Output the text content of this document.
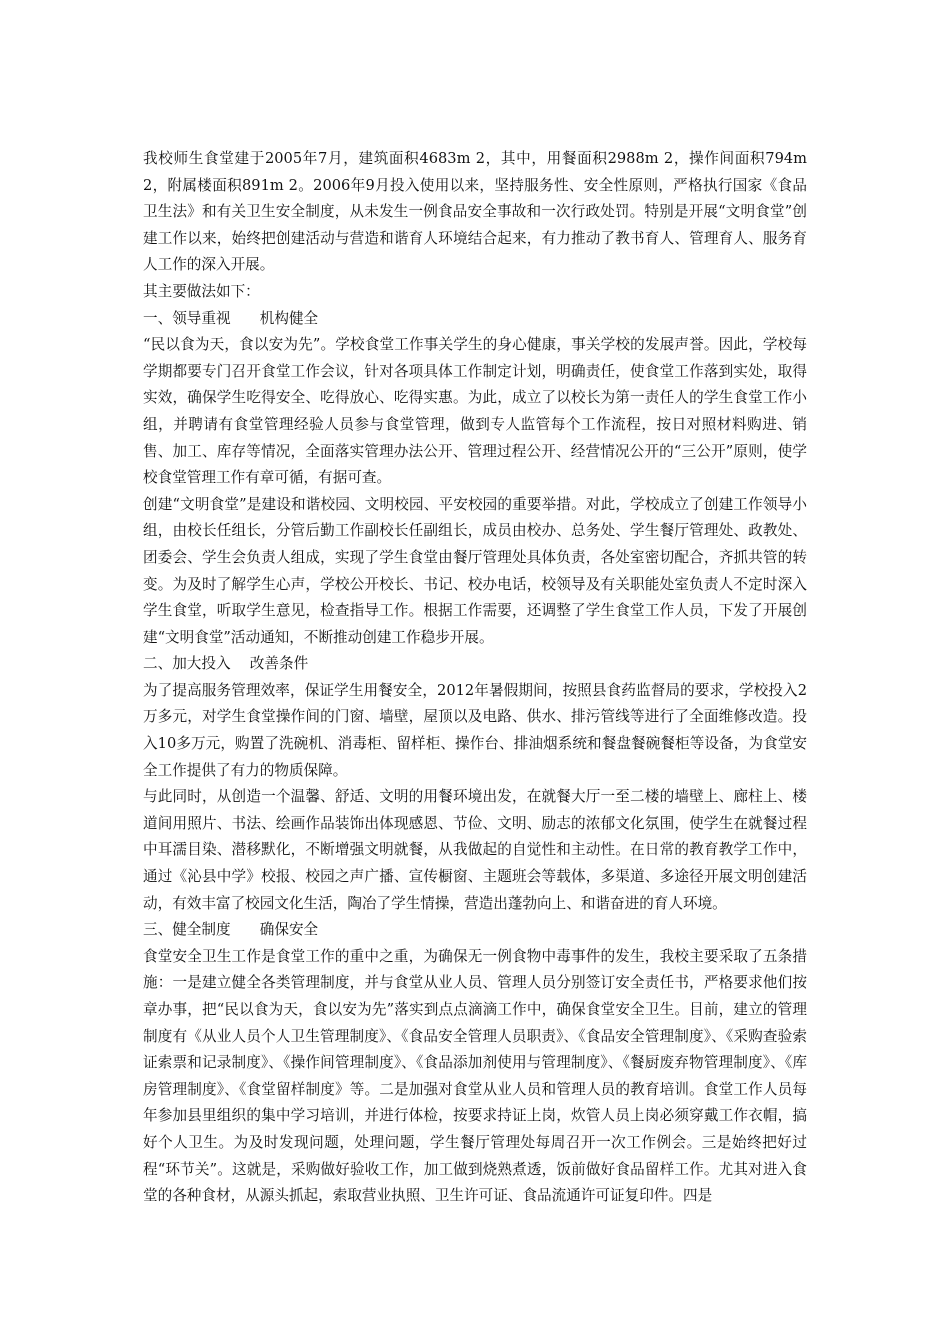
我校师生食堂建于2005年7月，建筑面积4683m 2，其中，用餐面积2988m 2，操作间面积794m 2，附属楼面积891m 2。2006年9月投入使用以来，坚持服务性、安全性原则，严格执行国家《食品卫生法》和有关卫生安全制度，从未发生一例食品安全事故和一次行政处罚。特别是开展“文明食堂”创建工作以来，始终把创建活动与营造和谐育人环境结合起来，有力推动了教书育人、管理育人、服务育人工作的深入开展。

其主要做法如下：

一、领导重视　　机构健全

“民以食为天，食以安为先”。学校食堂工作事关学生的身心健康，事关学校的发展声誉。因此，学校每学期都要专门召开食堂工作会议，针对各项具体工作制定计划，明确责任，使食堂工作落到实处，取得实效，确保学生吃得安全、吃得放心、吃得实惠。为此，成立了以校长为第一责任人的学生食堂工作小组，并聘请有食堂管理经验人员参与食堂管理，做到专人监管每个工作流程，按日对照材料购进、销售、加工、库存等情况，全面落实管理办法公开、管理过程公开、经营情况公开的“三公开”原则，使学校食堂管理工作有章可循，有据可查。

创建“文明食堂”是建设和谐校园、文明校园、平安校园的重要举措。对此，学校成立了创建工作领导小组，由校长任组长，分管后勤工作副校长任副组长，成员由校办、总务处、学生餐厅管理处、政教处、团委会、学生会负责人组成，实现了学生食堂由餐厅管理处具体负责，各处室密切配合，齐抓共管的转变。为及时了解学生心声，学校公开校长、书记、校办电话，校领导及有关职能处室负责人不定时深入学生食堂，听取学生意见，检查指导工作。根据工作需要，还调整了学生食堂工作人员，下发了开展创建“文明食堂”活动通知，不断推动创建工作稳步开展。

二、加大投入　 改善条件

为了提高服务管理效率，保证学生用餐安全，2012年暑假期间，按照县食药监督局的要求，学校投入2万多元，对学生食堂操作间的门窗、墙壁，屋顶以及电路、供水、排污管线等进行了全面维修改造。投入10多万元，购置了洗碗机、消毒柜、留样柜、操作台、排油烟系统和餐盘餐碗餐柜等设备，为食堂安全工作提供了有力的物质保障。

与此同时，从创造一个温馨、舒适、文明的用餐环境出发，在就餐大厅一至二楼的墙壁上、廊柱上、楼道间用照片、书法、绘画作品装饰出体现感恩、节俭、文明、励志的浓郁文化氛围，使学生在就餐过程中耳濡目染、潜移默化，不断增强文明就餐，从我做起的自觉性和主动性。在日常的教育教学工作中，通过《沁县中学》校报、校园之声广播、宣传橱窗、主题班会等载体，多渠道、多途径开展文明创建活动，有效丰富了校园文化生活，陶冶了学生情操，营造出蓬勃向上、和谐奋进的育人环境。

三、健全制度　　确保安全

食堂安全卫生工作是食堂工作的重中之重，为确保无一例食物中毒事件的发生，我校主要采取了五条措施：一是建立健全各类管理制度，并与食堂从业人员、管理人员分别签订安全责任书，严格要求他们按章办事，把“民以食为天，食以安为先”落实到点点滴滴工作中，确保食堂安全卫生。目前，建立的管理制度有《从业人员个人卫生管理制度》、《食品安全管理人员职责》、《食品安全管理制度》、《采购查验索证索票和记录制度》、《操作间管理制度》、《食品添加剂使用与管理制度》、《餐厨废弃物管理制度》、《库房管理制度》、《食堂留样制度》等。二是加强对食堂从业人员和管理人员的教育培训。食堂工作人员每年参加县里组织的集中学习培训，并进行体检，按要求持证上岗，炊管人员上岗必须穿戴工作衣帽，搞好个人卫生。为及时发现问题，处理问题，学生餐厅管理处每周召开一次工作例会。三是始终把好过程“环节关”。这就是，采购做好验收工作，加工做到烧熟煮透，饭前做好食品留样工作。尤其对进入食堂的各种食材，从源头抓起，索取营业执照、卫生许可证、食品流通许可证复印件。四是
